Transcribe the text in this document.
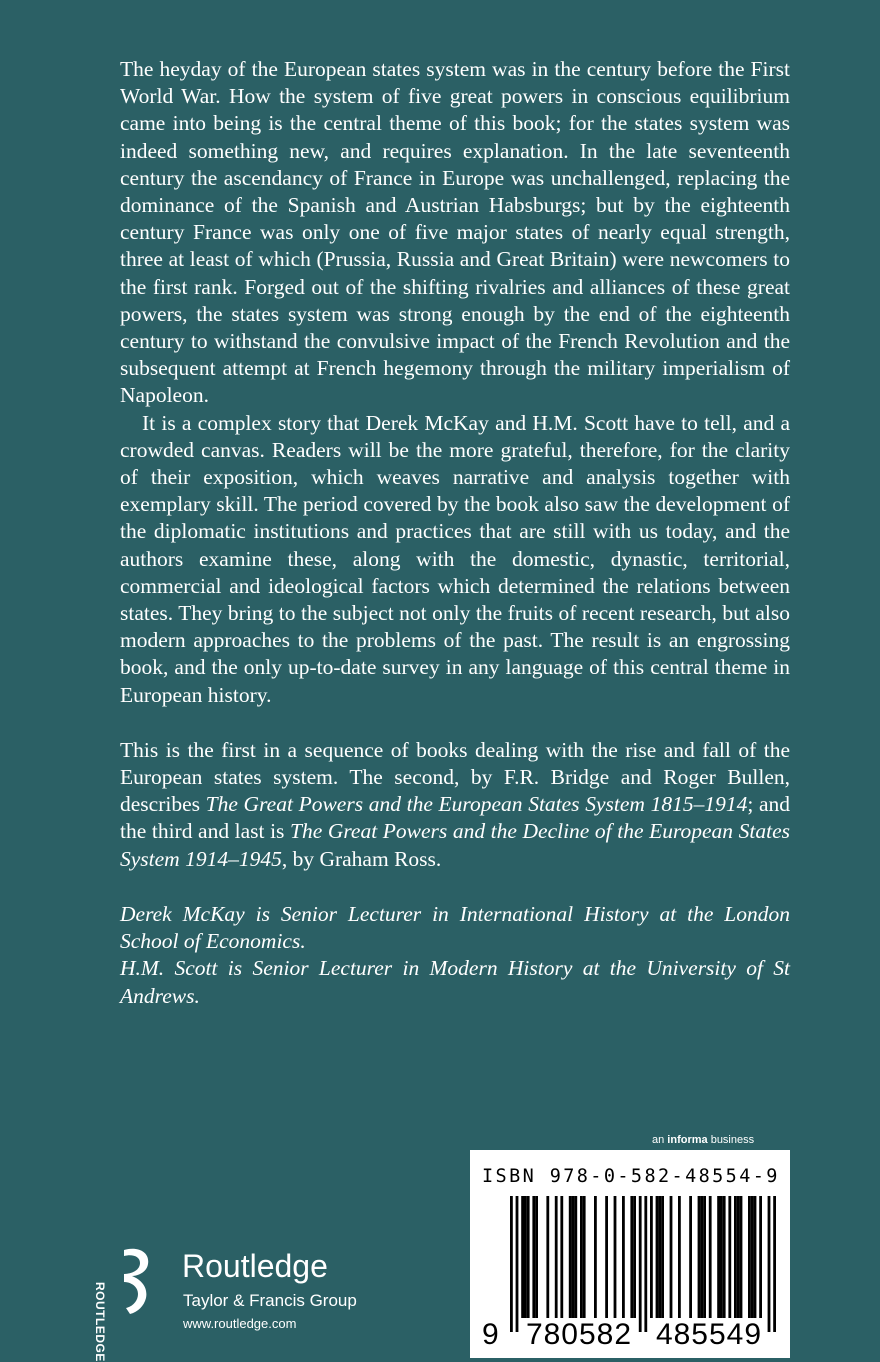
The heyday of the European states system was in the century before the First World War. How the system of five great powers in conscious equilibrium came into being is the central theme of this book; for the states system was indeed something new, and requires explanation. In the late seventeenth century the ascendancy of France in Europe was unchallenged, replacing the dominance of the Spanish and Austrian Habsburgs; but by the eighteenth century France was only one of five major states of nearly equal strength, three at least of which (Prussia, Russia and Great Britain) were newcomers to the first rank. Forged out of the shifting rivalries and alliances of these great powers, the states system was strong enough by the end of the eighteenth century to withstand the convulsive impact of the French Revolution and the subsequent attempt at French hegemony through the military imperialism of Napoleon.

It is a complex story that Derek McKay and H.M. Scott have to tell, and a crowded canvas. Readers will be the more grateful, therefore, for the clarity of their exposition, which weaves narrative and analysis together with exemplary skill. The period covered by the book also saw the development of the diplomatic institutions and practices that are still with us today, and the authors examine these, along with the domestic, dynastic, territorial, commercial and ideological factors which determined the relations between states. They bring to the subject not only the fruits of recent research, but also modern approaches to the problems of the past. The result is an engrossing book, and the only up-to-date survey in any language of this central theme in European history.

This is the first in a sequence of books dealing with the rise and fall of the European states system. The second, by F.R. Bridge and Roger Bullen, describes The Great Powers and the European States System 1815–1914; and the third and last is The Great Powers and the Decline of the European States System 1914–1945, by Graham Ross.

Derek McKay is Senior Lecturer in International History at the London School of Economics.

H.M. Scott is Senior Lecturer in Modern History at the University of St Andrews.

an informa business
ISBN 978-0-582-48554-9
9 780582 485549
ROUTLEDGE
Routledge
Taylor & Francis Group
www.routledge.com
